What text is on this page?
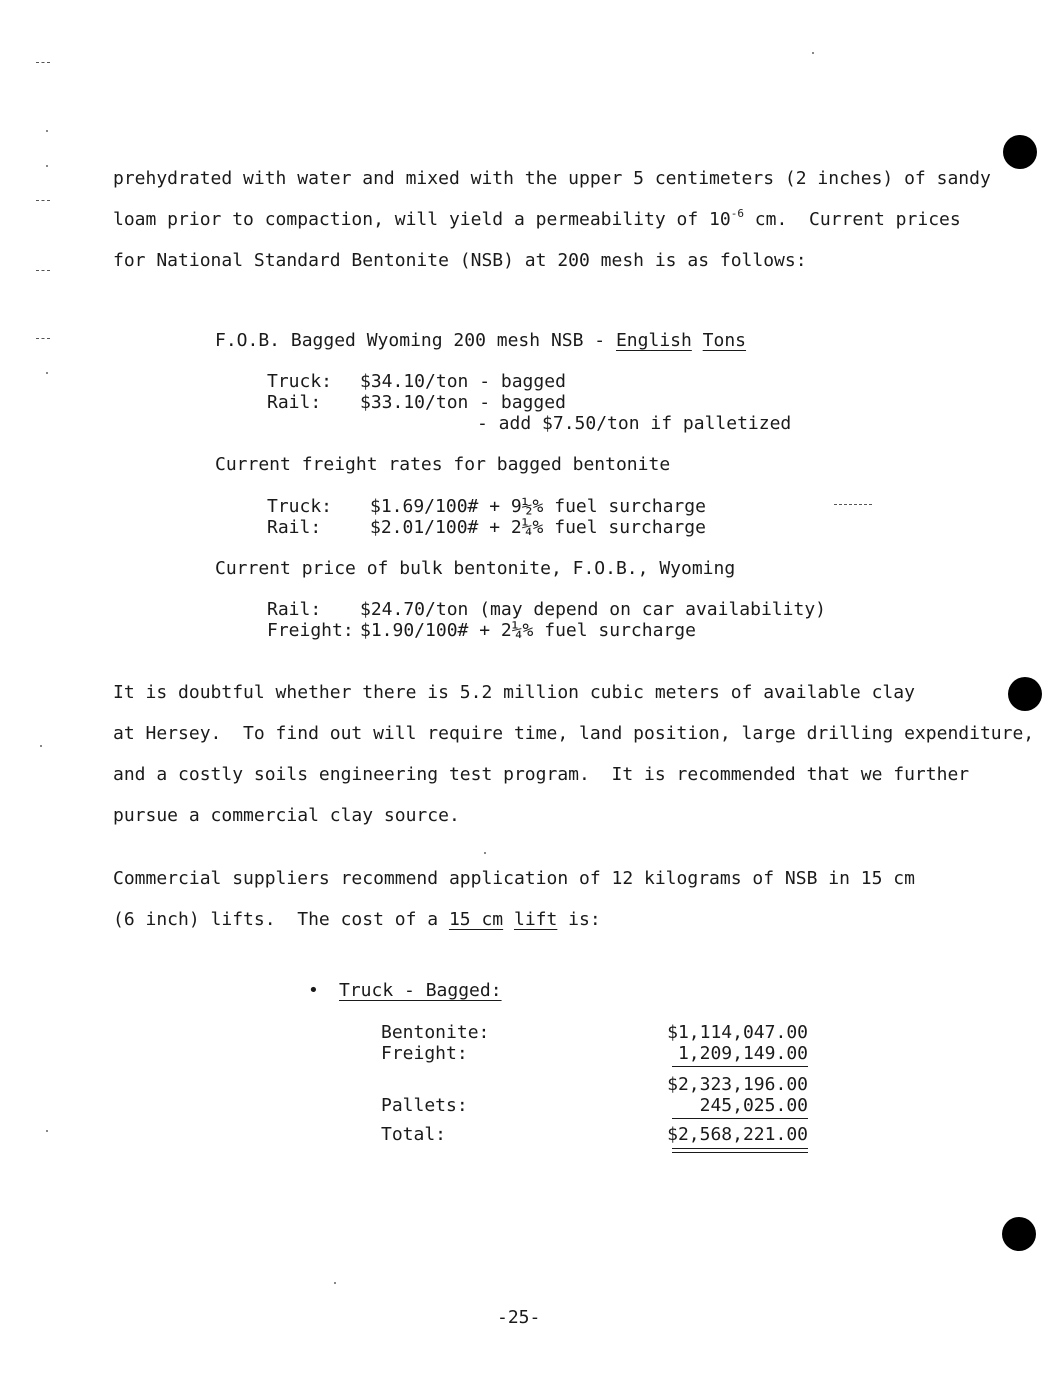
prehydrated with water and mixed with the upper 5 centimeters (2 inches) of sandy
loam prior to compaction, will yield a permeability of $10^{-6}$ cm.  Current prices
for National Standard Bentonite (NSB) at 200 mesh is as follows:
F.O.B. Bagged Wyoming 200 mesh NSB - English Tons
Truck: $34.10/ton - bagged
Rail: $33.10/ton - bagged
- add $7.50/ton if palletized
Current freight rates for bagged bentonite
Truck: $1.69/100# + 9½% fuel surcharge
Rail:	$2.01/100# + 2¼% fuel surcharge
Current price of bulk bentonite, F.O.B., Wyoming
Rail: $24.70/ton (may depend on car availability)
Freight: $1.90/100# + 2¼% fuel surcharge
It is doubtful whether there is 5.2 million cubic meters of available clay
at Hersey.  To find out will require time, land position, large drilling expenditure,
and a costly soils engineering test program.  It is recommended that we further
pursue a commercial clay source.
Commercial suppliers recommend application of 12 kilograms of NSB in 15 cm
(6 inch) lifts.  The cost of a 15 cm lift is:
• Truck - Bagged:
Bentonite:	$1,114,047.00
Freight:	1,209,149.00
$2,323,196.00
Pallets:	245,025.00
Total:	$2,568,221.00
-25-
